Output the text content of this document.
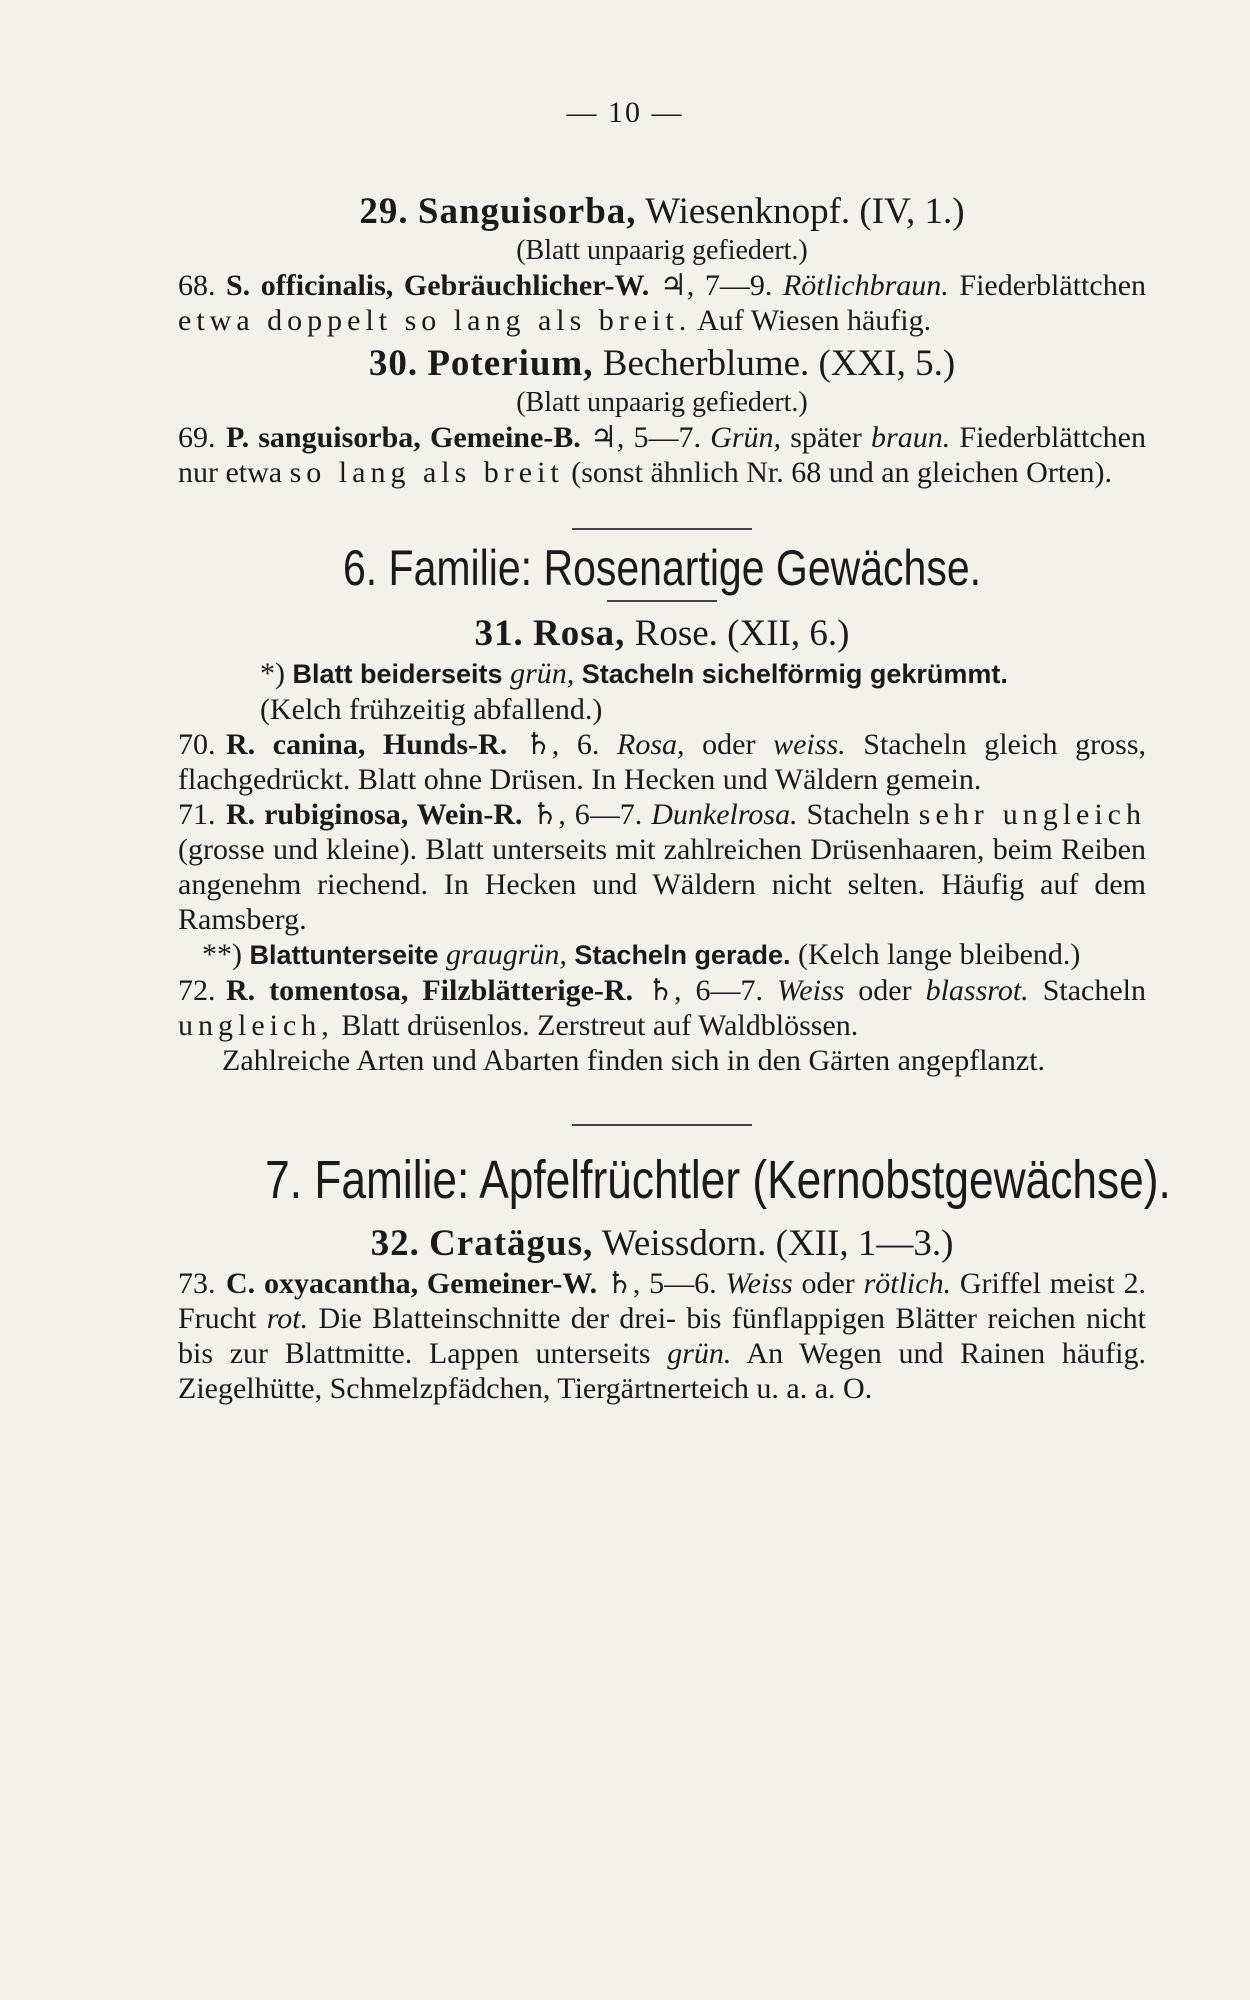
— 10 —
29. Sanguisorba, Wiesenknopf. (IV, 1.)
(Blatt unpaarig gefiedert.)
68. S. officinalis, Gebräuchlicher-W. ♃, 7—9. Rötlichbraun. Fiederblättchen etwa doppelt so lang als breit. Auf Wiesen häufig.
30. Poterium, Becherblume. (XXI, 5.)
(Blatt unpaarig gefiedert.)
69. P. sanguisorba, Gemeine-B. ♃, 5—7. Grün, später braun. Fiederblättchen nur etwa so lang als breit (sonst ähnlich Nr. 68 und an gleichen Orten).
6. Familie: Rosenartige Gewächse.
31. Rosa, Rose. (XII, 6.)
*) Blatt beiderseits grün, Stacheln sichelförmig gekrümmt.
(Kelch frühzeitig abfallend.)
70. R. canina, Hunds-R. ♄, 6. Rosa, oder weiss. Stacheln gleich gross, flachgedrückt. Blatt ohne Drüsen. In Hecken und Wäldern gemein.
71. R. rubiginosa, Wein-R. ♄, 6—7. Dunkelrosa. Stacheln sehr ungleich (grosse und kleine). Blatt unterseits mit zahlreichen Drüsenhaaren, beim Reiben angenehm riechend. In Hecken und Wäldern nicht selten. Häufig auf dem Ramsberg.
**) Blattunterseite graugrün, Stacheln gerade. (Kelch lange bleibend.)
72. R. tomentosa, Filzblätterige-R. ♄, 6—7. Weiss oder blassrot. Stacheln ungleich, Blatt drüsenlos. Zerstreut auf Waldblössen.
Zahlreiche Arten und Abarten finden sich in den Gärten angepflanzt.
7. Familie: Apfelfrüchtler (Kernobstgewächse).
32. Cratägus, Weissdorn. (XII, 1—3.)
73. C. oxyacantha, Gemeiner-W. ♄, 5—6. Weiss oder rötlich. Griffel meist 2. Frucht rot. Die Blatteinschnitte der drei- bis fünflappigen Blätter reichen nicht bis zur Blattmitte. Lappen unterseits grün. An Wegen und Rainen häufig. Ziegelhütte, Schmelzpfädchen, Tiergärtnerteich u. a. a. O.
